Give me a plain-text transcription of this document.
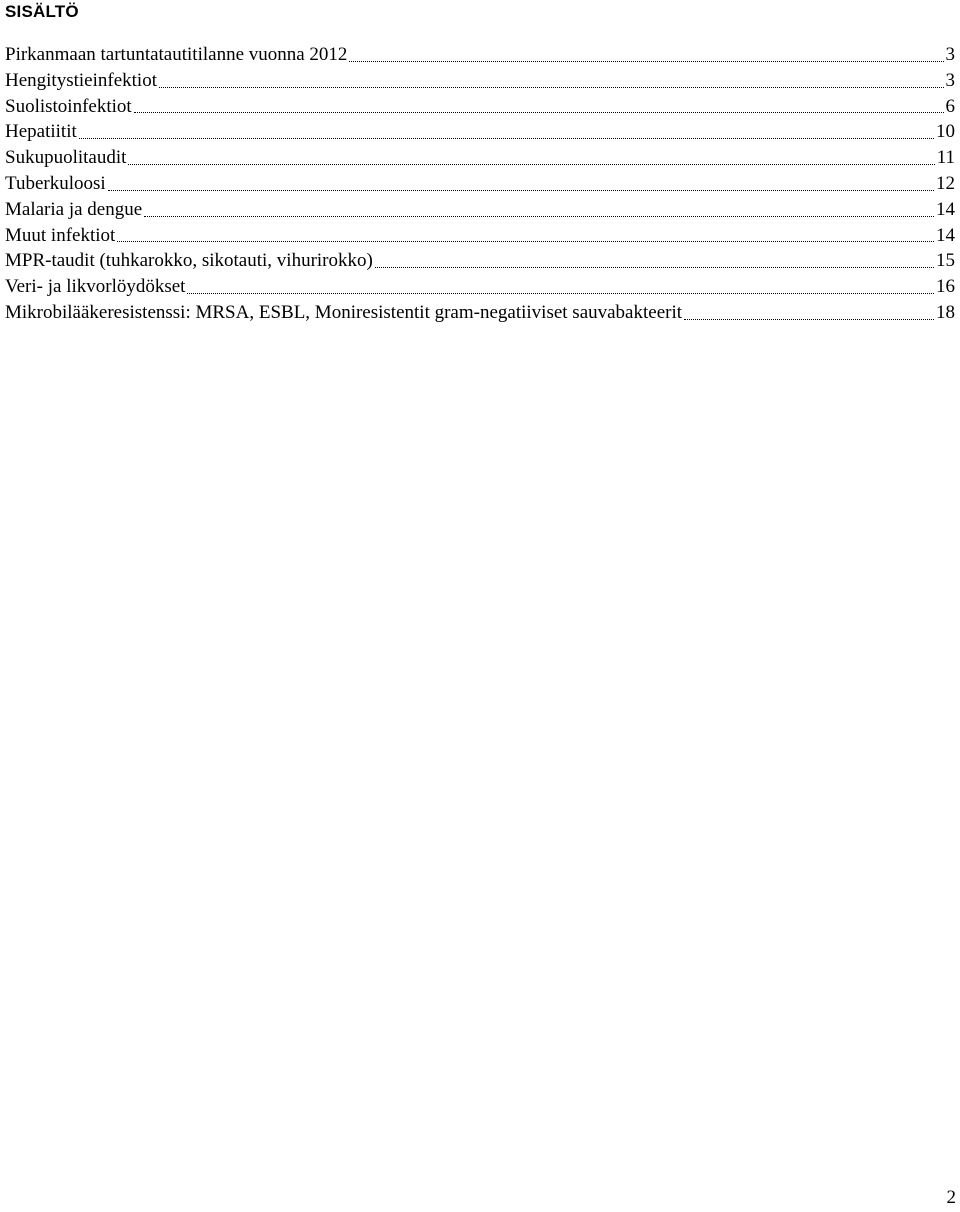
SISÄLTÖ
Pirkanmaan tartuntatautitilanne vuonna 2012	3
Hengitystieinfektiot	3
Suolistoinfektiot	6
Hepatiitit	10
Sukupuolitaudit	11
Tuberkuloosi	12
Malaria ja dengue	14
Muut infektiot	14
MPR-taudit (tuhkarokko, sikotauti, vihurirokko)	15
Veri- ja likvorlöydökset	16
Mikrobilääkeresistenssi: MRSA, ESBL, Moniresistentit gram-negatiiviset sauvabakteerit	18
2
